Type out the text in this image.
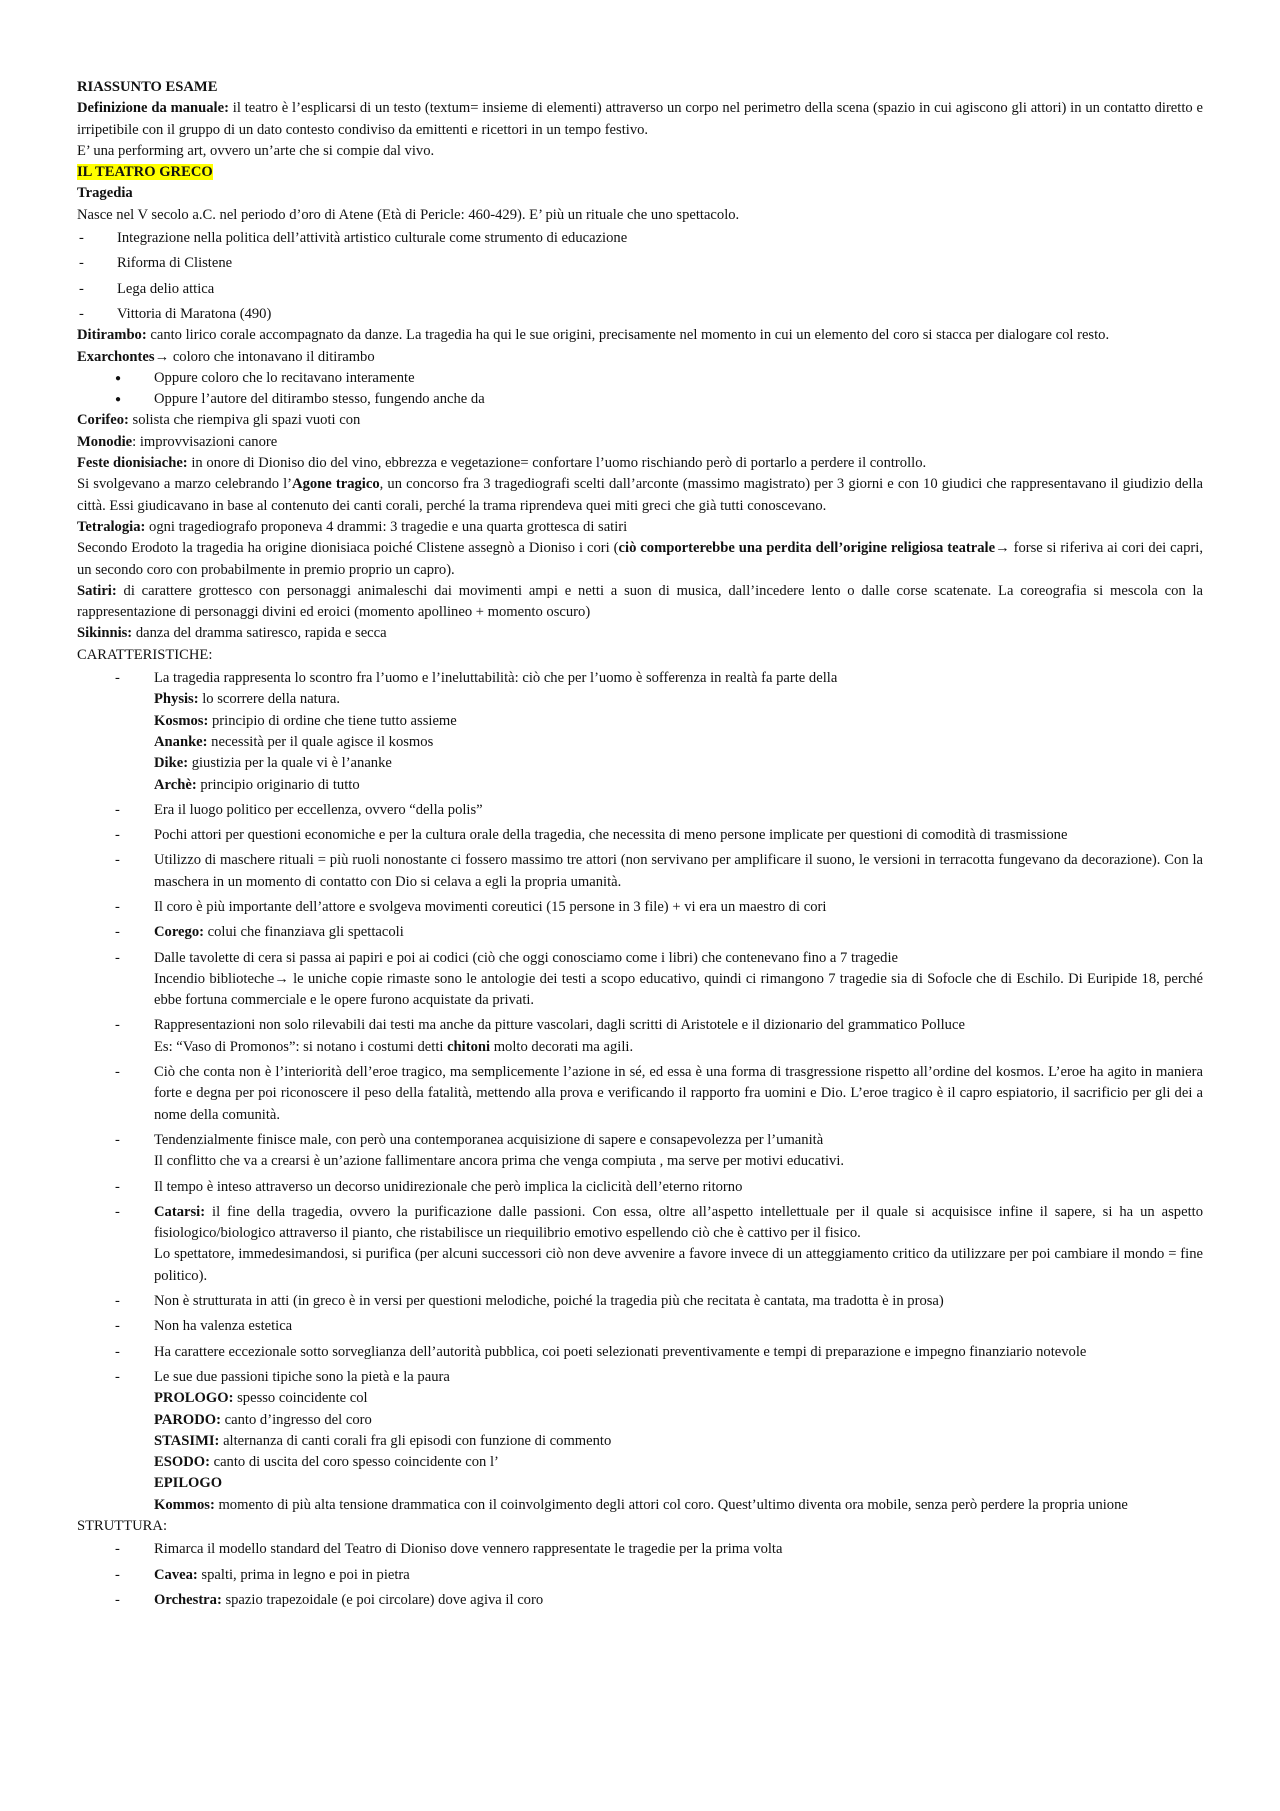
RIASSUNTO ESAME

Definizione da manuale: il teatro è l’esplicarsi di un testo (textum= insieme di elementi) attraverso un corpo nel perimetro della scena (spazio in cui agiscono gli attori) in un contatto diretto e irripetibile con il gruppo di un dato contesto condiviso da emittenti e ricettori in un tempo festivo.

E’ una performing art, ovvero un’arte che si compie dal vivo.

IL TEATRO GRECO

Tragedia

Nasce nel V secolo a.C. nel periodo d’oro di Atene (Età di Pericle: 460-429). E’ più un rituale che uno spettacolo.

-	Integrazione nella politica dell’attività artistico culturale come strumento di educazione
-	Riforma di Clistene
-	Lega delio attica
-	Vittoria di Maratona (490)

Ditirambo: canto lirico corale accompagnato da danze. La tragedia ha qui le sue origini, precisamente nel momento in cui un elemento del coro si stacca per dialogare col resto.

Exarchontes→ coloro che intonavano il ditirambo

●	Oppure coloro che lo recitavano interamente
●	Oppure l’autore del ditirambo stesso, fungendo anche da

Corifeo: solista che riempiva gli spazi vuoti con

Monodie: improvvisazioni canore

Feste dionisiache: in onore di Dioniso dio del vino, ebbrezza e vegetazione= confortare l’uomo rischiando però di portarlo a perdere il controllo.

Si svolgevano a marzo celebrando l’Agone tragico, un concorso fra 3 tragediografi scelti dall’arconte (massimo magistrato) per 3 giorni e con 10 giudici che rappresentavano il giudizio della città. Essi giudicavano in base al contenuto dei canti corali, perché la trama riprendeva quei miti greci che già tutti conoscevano.

Tetralogia: ogni tragediografo proponeva 4 drammi: 3 tragedie e una quarta grottesca di satiri

Secondo Erodoto la tragedia ha origine dionisiaca poiché Clistene assegnò a Dioniso i cori (ciò comporterebbe una perdita dell’origine religiosa teatrale→ forse si riferiva ai cori dei capri, un secondo coro con probabilmente in premio proprio un capro).

Satiri: di carattere grottesco con personaggi animaleschi dai movimenti ampi e netti a suon di musica, dall’incedere lento o dalle corse scatenate. La coreografia si mescola con la rappresentazione di personaggi divini ed eroici (momento apollineo + momento oscuro)

Sikinnis: danza del dramma satiresco, rapida e secca

CARATTERISTICHE:

-	La tragedia rappresenta lo scontro fra l’uomo e l’ineluttabilità: ciò che per l’uomo è sofferenza in realtà fa parte della
Physis: lo scorrere della natura.
Kosmos: principio di ordine che tiene tutto assieme
Ananke: necessità per il quale agisce il kosmos
Dike: giustizia per la quale vi è l’ananke
Archè: principio originario di tutto
-	Era il luogo politico per eccellenza, ovvero “della polis”
-	Pochi attori per questioni economiche e per la cultura orale della tragedia, che necessita di meno persone implicate per questioni di comodità di trasmissione
-	Utilizzo di maschere rituali = più ruoli nonostante ci fossero massimo tre attori (non servivano per amplificare il suono, le versioni in terracotta fungevano da decorazione). Con la maschera in un momento di contatto con Dio si celava a egli la propria umanità.
-	Il coro è più importante dell’attore e svolgeva movimenti coreutici (15 persone in 3 file) + vi era un maestro di cori
-	Corego: colui che finanziava gli spettacoli
-	Dalle tavolette di cera si passa ai papiri e poi ai codici (ciò che oggi conosciamo come i libri) che contenevano fino a 7 tragedie
Incendio biblioteche→ le uniche copie rimaste sono le antologie dei testi a scopo educativo, quindi ci rimangono 7 tragedie sia di Sofocle che di Eschilo. Di Euripide 18, perché ebbe fortuna commerciale e le opere furono acquistate da privati.
-	Rappresentazioni non solo rilevabili dai testi ma anche da pitture vascolari, dagli scritti di Aristotele e il dizionario del grammatico Polluce
Es: “Vaso di Promonos”: si notano i costumi detti chitoni molto decorati ma agili.
-	Ciò che conta non è l’interiorità dell’eroe tragico, ma semplicemente l’azione in sé, ed essa è una forma di trasgressione rispetto all’ordine del kosmos. L’eroe ha agito in maniera forte e degna per poi riconoscere il peso della fatalità, mettendo alla prova e verificando il rapporto fra uomini e Dio. L’eroe tragico è il capro espiatorio, il sacrificio per gli dei a nome della comunità.
-	Tendenzialmente finisce male, con però una contemporanea acquisizione di sapere e consapevolezza per l’umanità
Il conflitto che va a crearsi è un’azione fallimentare ancora prima che venga compiuta , ma serve per motivi educativi.
-	Il tempo è inteso attraverso un decorso unidirezionale che però implica la ciclicità dell’eterno ritorno
-	Catarsi: il fine della tragedia, ovvero la purificazione dalle passioni. Con essa, oltre all’aspetto intellettuale per il quale si acquisisce infine il sapere, si ha un aspetto fisiologico/biologico attraverso il pianto, che ristabilisce un riequilibrio emotivo espellendo ciò che è cattivo per il fisico.
Lo spettatore, immedesimandosi, si purifica (per alcuni successori ciò non deve avvenire a favore invece di un atteggiamento critico da utilizzare per poi cambiare il mondo = fine politico).
-	Non è strutturata in atti (in greco è in versi per questioni melodiche, poiché la tragedia più che recitata è cantata, ma tradotta è in prosa)
-	Non ha valenza estetica
-	Ha carattere eccezionale sotto sorveglianza dell’autorità pubblica, coi poeti selezionati preventivamente e tempi di preparazione e impegno finanziario notevole
-	Le sue due passioni tipiche sono la pietà e la paura
PROLOGO: spesso coincidente col
PARODO: canto d’ingresso del coro
STASIMI: alternanza di canti corali fra gli episodi con funzione di commento
ESODO: canto di uscita del coro spesso coincidente con l’
EPILOGO
Kommos: momento di più alta tensione drammatica con il coinvolgimento degli attori col coro. Quest’ultimo diventa ora mobile, senza però perdere la propria unione

STRUTTURA:

-	Rimarca il modello standard del Teatro di Dioniso dove vennero rappresentate le tragedie per la prima volta
-	Cavea: spalti, prima in legno e poi in pietra
-	Orchestra: spazio trapezoidale (e poi circolare) dove agiva il coro
